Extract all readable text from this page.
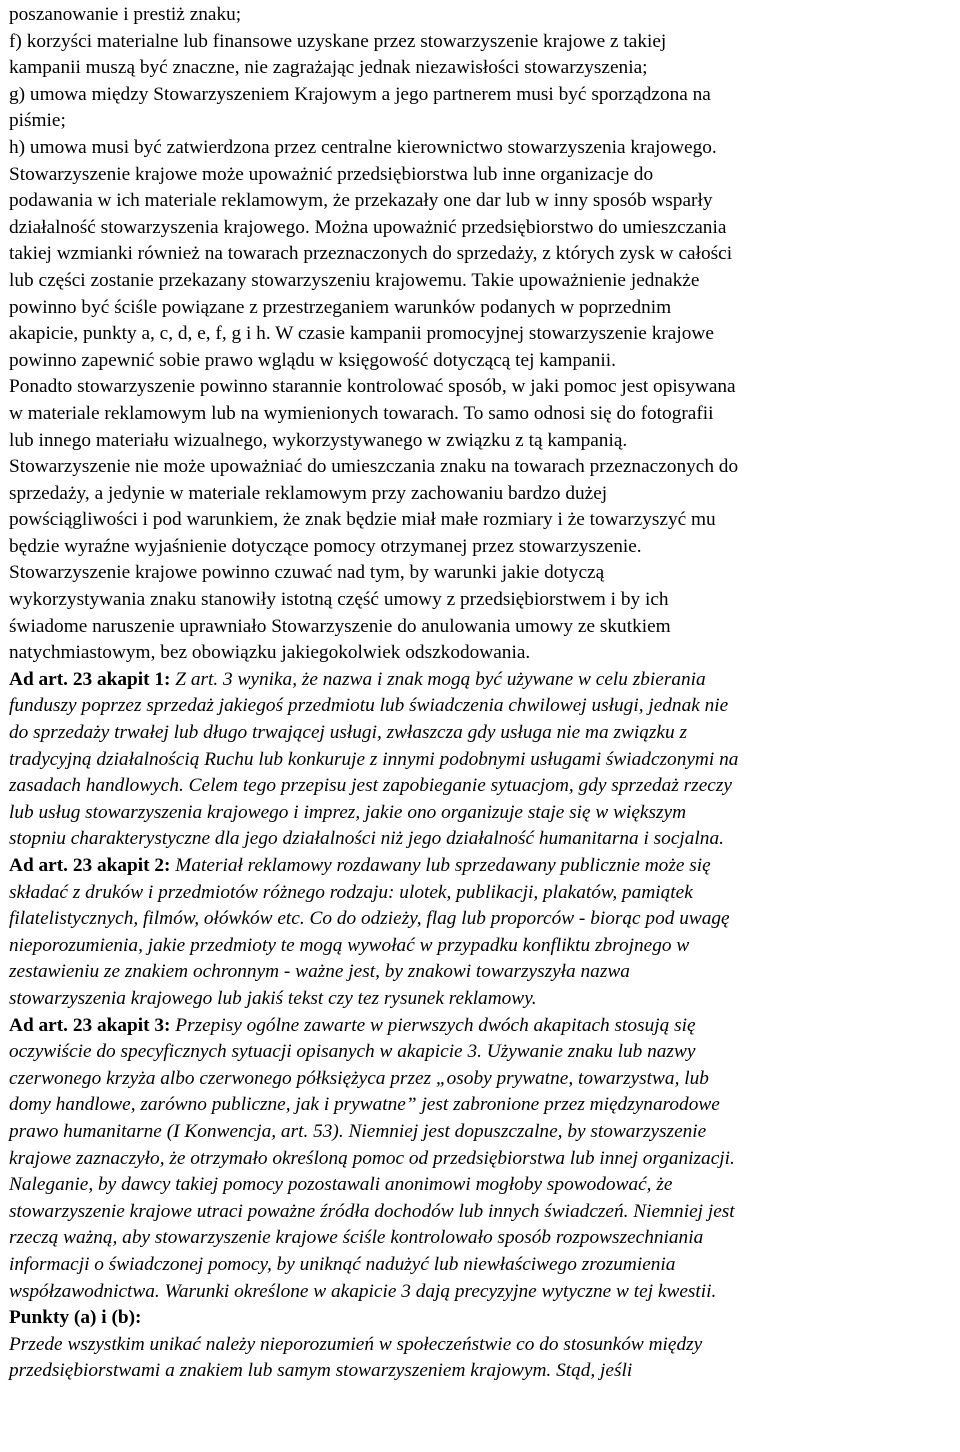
poszanowanie i prestiż znaku;
f) korzyści materialne lub finansowe uzyskane przez stowarzyszenie krajowe z takiej
kampanii muszą być znaczne, nie zagrażając jednak niezawisłości stowarzyszenia;
g) umowa między Stowarzyszeniem Krajowym a jego partnerem musi być sporządzona na
piśmie;
h) umowa musi być zatwierdzona przez centralne kierownictwo stowarzyszenia krajowego.
Stowarzyszenie krajowe może upoważnić przedsiębiorstwa lub inne organizacje do
podawania w ich materiale reklamowym, że przekazały one dar lub w inny sposób wsparły
działalność stowarzyszenia krajowego. Można upoważnić przedsiębiorstwo do umieszczania
takiej wzmianki również na towarach przeznaczonych do sprzedaży, z których zysk w całości
lub części zostanie przekazany stowarzyszeniu krajowemu. Takie upoważnienie jednakże
powinno być ściśle powiązane z przestrzeganiem warunków podanych w poprzednim
akapicie, punkty a, c, d, e, f, g i h. W czasie kampanii promocyjnej stowarzyszenie krajowe
powinno zapewnić sobie prawo wglądu w księgowość dotyczącą tej kampanii.
Ponadto stowarzyszenie powinno starannie kontrolować sposób, w jaki pomoc jest opisywana
w materiale reklamowym lub na wymienionych towarach. To samo odnosi się do fotografii
lub innego materiału wizualnego, wykorzystywanego w związku z tą kampanią.
Stowarzyszenie nie może upoważniać do umieszczania znaku na towarach przeznaczonych do
sprzedaży, a jedynie w materiale reklamowym przy zachowaniu bardzo dużej
powściągliwości i pod warunkiem, że znak będzie miał małe rozmiary i że towarzyszyć mu
będzie wyraźne wyjaśnienie dotyczące pomocy otrzymanej przez stowarzyszenie.
Stowarzyszenie krajowe powinno czuwać nad tym, by warunki jakie dotyczą
wykorzystywania znaku stanowiły istotną część umowy z przedsiębiorstwem i by ich
świadome naruszenie uprawniało Stowarzyszenie do anulowania umowy ze skutkiem
natychmiastowym, bez obowiązku jakiegokolwiek odszkodowania.
Ad art. 23 akapit 1: Z art. 3 wynika, że nazwa i znak mogą być używane w celu zbierania
funduszy poprzez sprzedaż jakiegoś przedmiotu lub świadczenia chwilowej usługi, jednak nie
do sprzedaży trwałej lub długo trwającej usługi, zwłaszcza gdy usługa nie ma związku z
tradycyjną działalnością Ruchu lub konkuruje z innymi podobnymi usługami świadczonymi na
zasadach handlowych. Celem tego przepisu jest zapobieganie sytuacjom, gdy sprzedaż rzeczy
lub usług stowarzyszenia krajowego i imprez, jakie ono organizuje staje się w większym
stopniu charakterystyczne dla jego działalności niż jego działalność humanitarna i socjalna.
Ad art. 23 akapit 2: Materiał reklamowy rozdawany lub sprzedawany publicznie może się
składać z druków i przedmiotów różnego rodzaju: ulotek, publikacji, plakatów, pamiątek
filatelistycznych, filmów, ołówków etc. Co do odzieży, flag lub proporców - biorąc pod uwagę
nieporozumienia, jakie przedmioty te mogą wywołać w przypadku konfliktu zbrojnego w
zestawieniu ze znakiem ochronnym - ważne jest, by znakowi towarzyszyła nazwa
stowarzyszenia krajowego lub jakiś tekst czy tez rysunek reklamowy.
Ad art. 23 akapit 3: Przepisy ogólne zawarte w pierwszych dwóch akapitach stosują się
oczywiście do specyficznych sytuacji opisanych w akapicie 3. Używanie znaku lub nazwy
czerwonego krzyża albo czerwonego półksiężyca przez „osoby prywatne, towarzystwa, lub
domy handlowe, zarówno publiczne, jak i prywatne” jest zabronione przez międzynarodowe
prawo humanitarne (I Konwencja, art. 53). Niemniej jest dopuszczalne, by stowarzyszenie
krajowe zaznaczyło, że otrzymało określoną pomoc od przedsiębiorstwa lub innej organizacji.
Naleganie, by dawcy takiej pomocy pozostawali anonimowi mogłoby spowodować, że
stowarzyszenie krajowe utraci poważne źródła dochodów lub innych świadczeń. Niemniej jest
rzeczą ważną, aby stowarzyszenie krajowe ściśle kontrolowało sposób rozpowszechniania
informacji o świadczonej pomocy, by uniknąć nadużyć lub niewłaściwego zrozumienia
współzawodnictwa. Warunki określone w akapicie 3 dają precyzyjne wytyczne w tej kwestii.
Punkty (a) i (b):
Przede wszystkim unikać należy nieporozumień w społeczeństwie co do stosunków między
przedsiębiorstwami a znakiem lub samym stowarzyszeniem krajowym. Stąd, jeśli
